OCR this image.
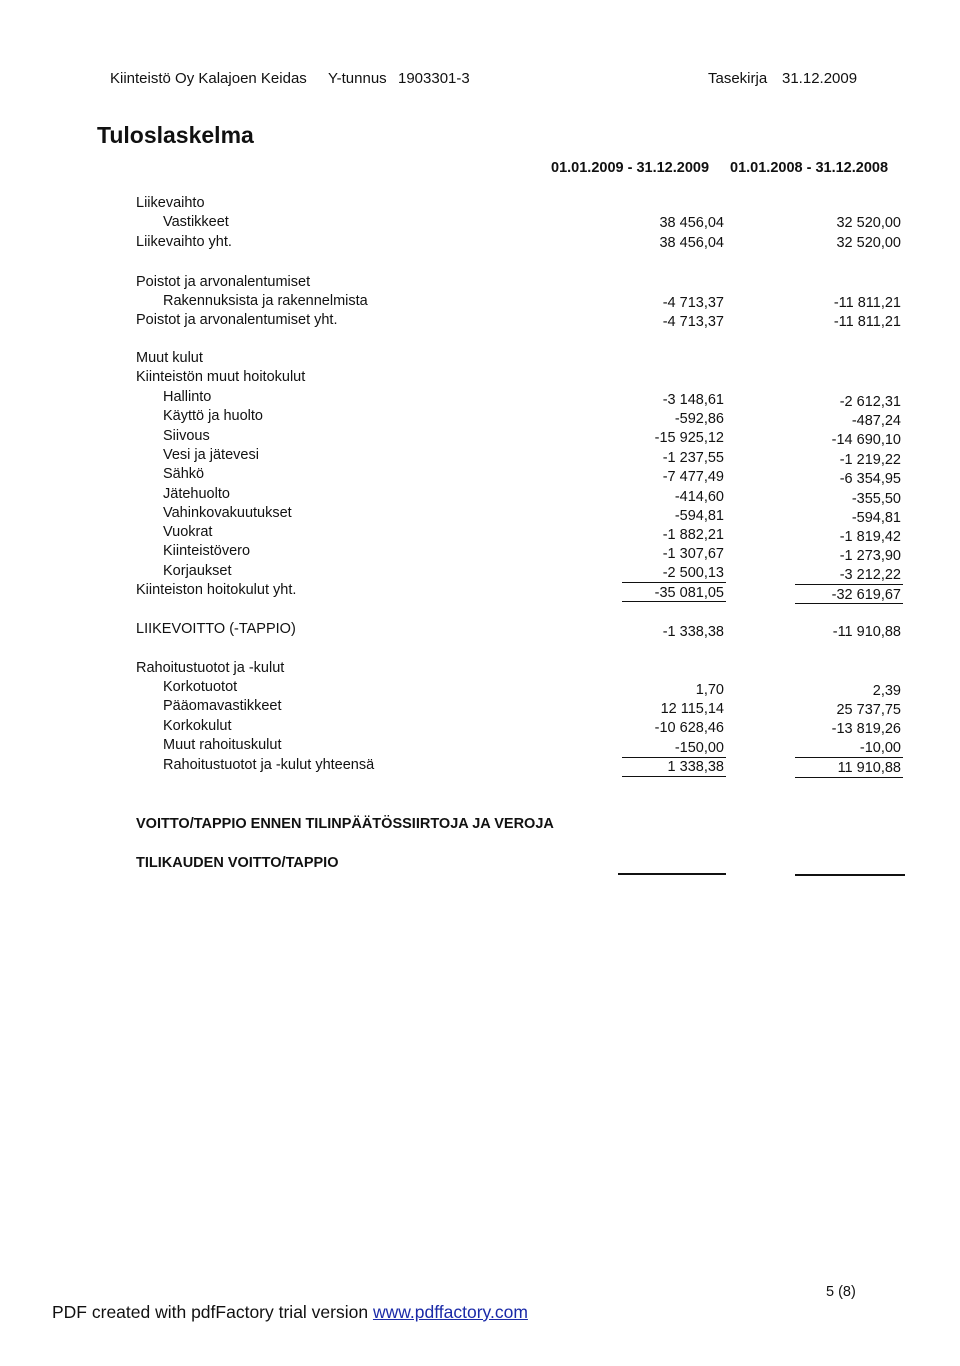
Kiinteistö Oy Kalajoen Keidas Y-tunnus 1903301-3	Tasekirja 31.12.2009
Tuloslaskelma
01.01.2009 - 31.12.2009 01.01.2008 - 31.12.2008
Liikevaihto
Vastikkeet	38 456,04	32 520,00
Liikevaihto yht.	38 456,04	32 520,00
Poistot ja arvonalentumiset
Rakennuksista ja rakennelmista	-4 713,37	-11 811,21
Poistot ja arvonalentumiset yht.	-4 713,37	-11 811,21
Muut kulut
Kiinteistön muut hoitokulut
Hallinto	-3 148,61	-2 612,31
Käyttö ja huolto	-592,86	-487,24
Siivous	-15 925,12	-14 690,10
Vesi ja jätevesi	-1 237,55	-1 219,22
Sähkö	-7 477,49	-6 354,95
Jätehuolto	-414,60	-355,50
Vahinkovakuutukset	-594,81	-594,81
Vuokrat	-1 882,21	-1 819,42
Kiinteistövero	-1 307,67	-1 273,90
Korjaukset	-2 500,13	-3 212,22
Kiinteiston hoitokulut yht.	-35 081,05	-32 619,67
LIIKEVOITTO (-TAPPIO)	-1 338,38	-11 910,88
Rahoitustuotot ja -kulut
Korkotuotot	1,70	2,39
Pääomavastikkeet	12 115,14	25 737,75
Korkokulut	-10 628,46	-13 819,26
Muut rahoituskulut	-150,00	-10,00
Rahoitustuotot ja -kulut yhteensä	1 338,38	11 910,88
VOITTO/TAPPIO ENNEN TILINPÄÄTÖSSIIRTOJA JA VEROJA
TILIKAUDEN VOITTO/TAPPIO
5 (8)
PDF created with pdfFactory trial version www.pdffactory.com
